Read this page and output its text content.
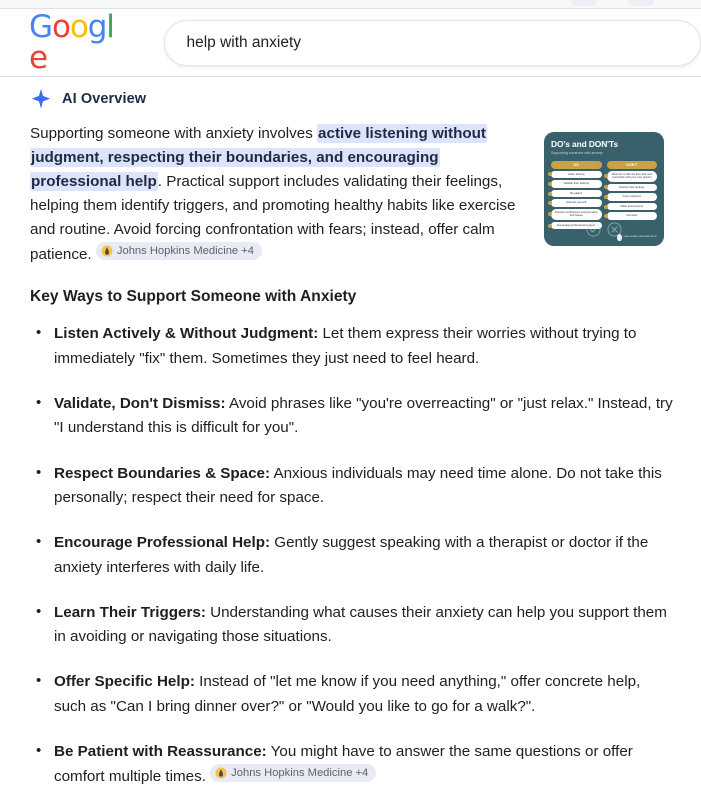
Google
help with anxiety
AI Overview
DO's and DON'Ts
Supporting someone with anxiety
DO
Listen actively
Validate their feelings
Be patient
Educate yourself
Practice mindfulness and grounding techniques
Encourage professional support
DON'T
Minimize or dismiss their fear and overwhelm with your own opinion
Dismiss their feelings
Force solutions
Make assumptions
Compare
HEALTHCARE & MEDICINE GROUP
Supporting someone with anxiety involves active listening without judgment, respecting their boundaries, and encouraging professional help. Practical support includes validating their feelings, helping them identify triggers, and promoting healthy habits like exercise and routine. Avoid forcing confrontation with fears; instead, offer calm patience. Johns Hopkins Medicine +4
Key Ways to Support Someone with Anxiety
• Listen Actively & Without Judgment: Let them express their worries without trying to immediately "fix" them. Sometimes they just need to feel heard.
• Validate, Don't Dismiss: Avoid phrases like "you're overreacting" or "just relax." Instead, try "I understand this is difficult for you".
• Respect Boundaries & Space: Anxious individuals may need time alone. Do not take this personally; respect their need for space.
• Encourage Professional Help: Gently suggest speaking with a therapist or doctor if the anxiety interferes with daily life.
• Learn Their Triggers: Understanding what causes their anxiety can help you support them in avoiding or navigating those situations.
• Offer Specific Help: Instead of "let me know if you need anything," offer concrete help, such as "Can I bring dinner over?" or "Would you like to go for a walk?".
• Be Patient with Reassurance: You might have to answer the same questions or offer comfort multiple times. Johns Hopkins Medicine +4
